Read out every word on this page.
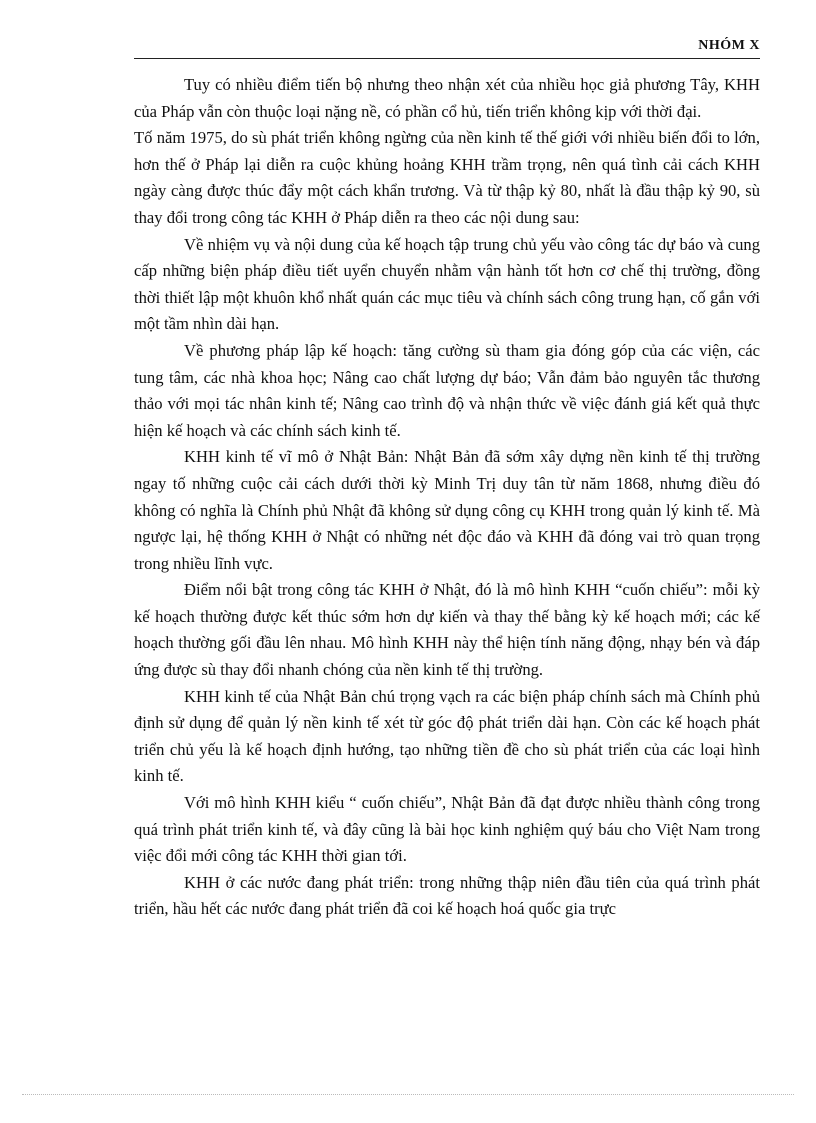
NHÓM X

Tuy có nhiều điểm tiến bộ nhưng theo nhận xét của nhiều học giả phương Tây, KHH của Pháp vẫn còn thuộc loại nặng nề, có phần cổ hủ, tiến triển không kịp với thời đại.

Tố năm 1975, do sù phát triển không ngừng của nền kinh tế thế giới với nhiều biến đổi to lớn, hơn thế ở Pháp lại diễn ra cuộc khủng hoảng KHH trầm trọng, nên quá tình cải cách KHH ngày càng được thúc đẩy một cách khẩn trương. Và từ thập kỷ 80, nhất là đầu thập kỷ 90, sù thay đổi trong công tác KHH ở Pháp diễn ra theo các nội dung sau:

Về nhiệm vụ và nội dung của kế hoạch tập trung chủ yếu vào công tác dự báo và cung cấp những biện pháp điều tiết uyển chuyển nhằm vận hành tốt hơn cơ chế thị trường, đồng thời thiết lập một khuôn khổ nhất quán các mục tiêu và chính sách công trung hạn, cố gắn với một tầm nhìn dài hạn.

Về phương pháp lập kế hoạch: tăng cường sù tham gia đóng góp của các viện, các tung tâm, các nhà khoa học; Nâng cao chất lượng dự báo; Vẫn đảm bảo nguyên tắc thương thảo với mọi tác nhân kinh tế; Nâng cao trình độ và nhận thức về việc đánh giá kết quả thực hiện kế hoạch và các chính sách kinh tế.

KHH kinh tế vĩ mô ở Nhật Bản: Nhật Bản đã sớm xây dựng nền kinh tế thị trường ngay tố những cuộc cải cách dưới thời kỳ Minh Trị duy tân từ năm 1868, nhưng điều đó không có nghĩa là Chính phủ Nhật đã không sử dụng công cụ KHH trong quản lý kinh tế. Mà ngược lại, hệ thống KHH ở Nhật có những nét độc đáo và KHH đã đóng vai trò quan trọng trong nhiều lĩnh vực.

Điểm nổi bật trong công tác KHH ở Nhật, đó là mô hình KHH “cuốn chiếu”: mỗi kỳ kế hoạch thường được kết thúc sớm hơn dự kiến và thay thế bằng kỳ kế hoạch mới; các kế hoạch thường gối đầu lên nhau. Mô hình KHH này thể hiện tính năng động, nhạy bén và đáp ứng được sù thay đổi nhanh chóng của nền kinh tế thị trường.

KHH kinh tế của Nhật Bản chú trọng vạch ra các biện pháp chính sách mà Chính phủ định sử dụng để quản lý nền kinh tế xét từ góc độ phát triển dài hạn. Còn các kế hoạch phát triển chủ yếu là kế hoạch định hướng, tạo những tiền đề cho sù phát triển của các loại hình kinh tế.

Với mô hình KHH kiểu “ cuốn chiếu”, Nhật Bản đã đạt được nhiều thành công trong quá trình phát triển kinh tế, và đây cũng là bài học kinh nghiệm quý báu cho Việt Nam trong việc đổi mới công tác KHH thời gian tới.

KHH ở các nước đang phát triển: trong những thập niên đầu tiên của quá trình phát triển, hầu hết các nước đang phát triển đã coi kế hoạch hoá quốc gia trực
